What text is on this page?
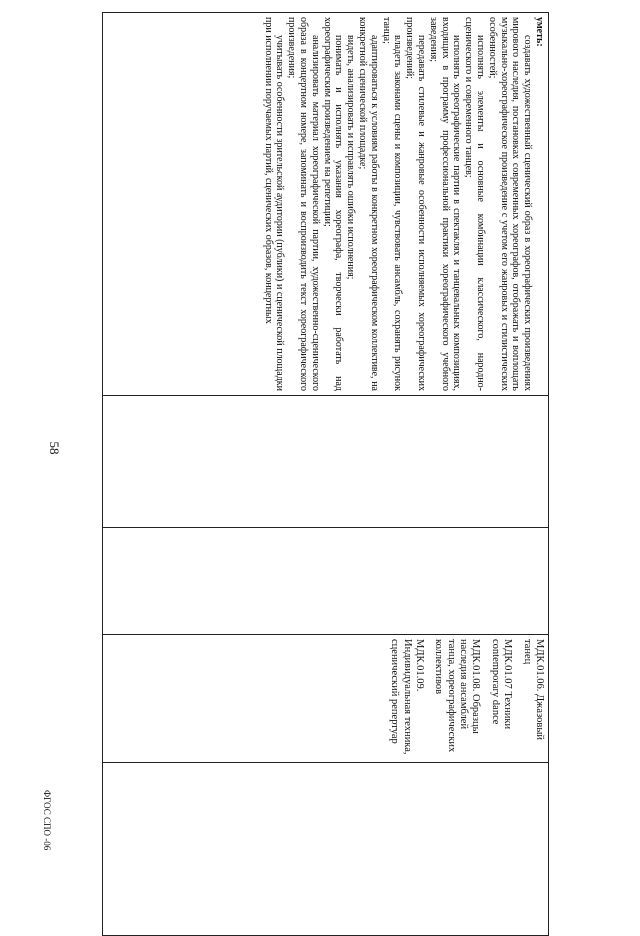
58
уметь:

создавать художественный сценический образ в хореографических произведениях мирового наследия, постановках современных хореографов, отображать и воплощать музыкально-хореографическое произведение с учетом его жанровых и стилистических особенностей;

исполнять элементы и основные комбинации классического, народно-сценического и современного танцев;

исполнять хореографические партии в спектаклях и танцевальных композициях, входящих в программу профессиональной практики хореографического учебного заведения;

передавать стилевые и жанровые особенности исполняемых хореографических произведений;

владеть законами сцены и композиции, чувствовать ансамбль, сохранять рисунок танца;

адаптироваться к условиям работы в конкретном хореографическом коллективе, на конкретной сценической площадке;

видеть, анализировать и исправлять ошибки исполнения;

понимать и исполнять указания хореографа, творчески работать над хореографическим произведением на репетиции;

анализировать материал хореографической партии, художественно-сценического образа в концертном номере, запоминать и воспроизводить текст хореографического произведения;

учитывать особенности зрительской аудитории (публики) и сценической площадки при исполнении поручаемых партий, сценических образов, концертных

МДК.01.06. Джазовый танец

МДК.01.07 Техники contemporary dance

МДК.01.08. Образцы наследия ансамблей танца, хореографических коллективов

МДК.01.09. Индивидуальная техника, сценический репертуар

ФГОС СПО -06
